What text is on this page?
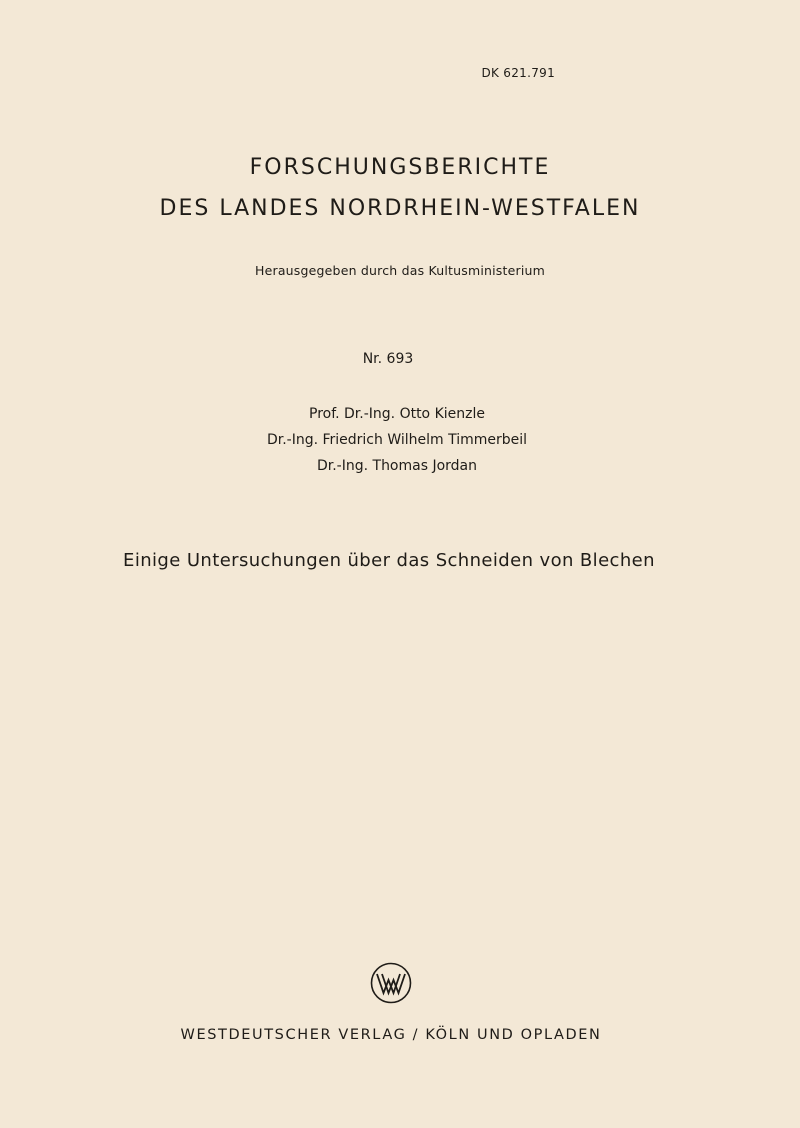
DK 621.791
FORSCHUNGSBERICHTE
DES LANDES NORDRHEIN-WESTFALEN
Herausgegeben durch das Kultusministerium
Nr. 693
Prof. Dr.-Ing. Otto Kienzle
Dr.-Ing. Friedrich Wilhelm Timmerbeil
Dr.-Ing. Thomas Jordan
Einige Untersuchungen über das Schneiden von Blechen
WESTDEUTSCHER VERLAG / KÖLN UND OPLADEN
